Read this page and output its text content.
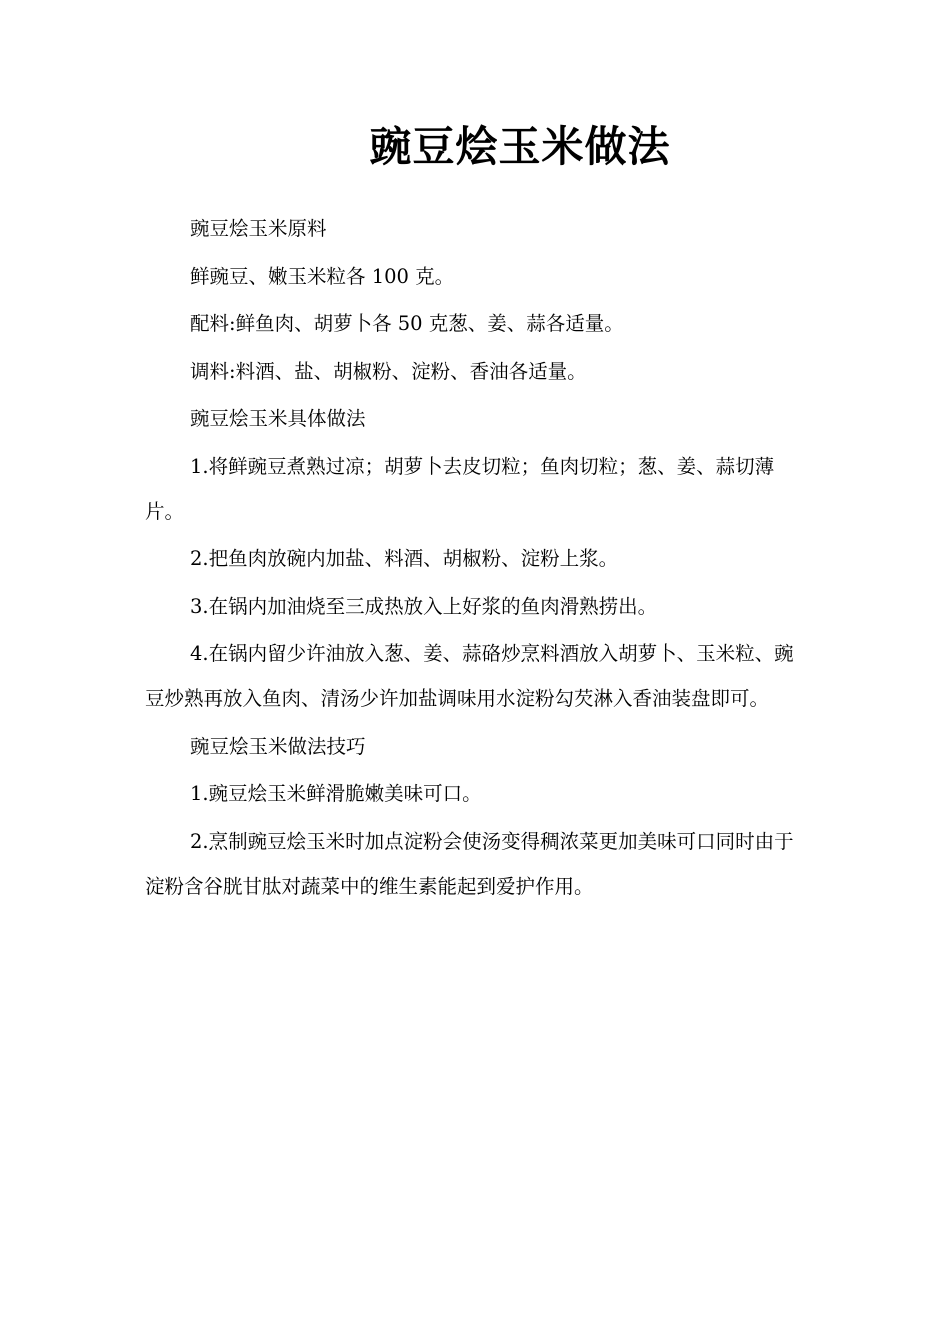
豌豆烩玉米做法

豌豆烩玉米原料

鲜豌豆、嫩玉米粒各 100 克。

配料:鲜鱼肉、胡萝卜各 50 克葱、姜、蒜各适量。

调料:料酒、盐、胡椒粉、淀粉、香油各适量。

豌豆烩玉米具体做法

1.将鲜豌豆煮熟过凉；胡萝卜去皮切粒；鱼肉切粒；葱、姜、蒜切薄片。

2.把鱼肉放碗内加盐、料酒、胡椒粉、淀粉上浆。

3.在锅内加油烧至三成热放入上好浆的鱼肉滑熟捞出。

4.在锅内留少许油放入葱、姜、蒜硌炒烹料酒放入胡萝卜、玉米粒、豌豆炒熟再放入鱼肉、清汤少许加盐调味用水淀粉勾芡淋入香油装盘即可。

豌豆烩玉米做法技巧

1.豌豆烩玉米鲜滑脆嫩美味可口。

2.烹制豌豆烩玉米时加点淀粉会使汤变得稠浓菜更加美味可口同时由于淀粉含谷胱甘肽对蔬菜中的维生素能起到爱护作用。
